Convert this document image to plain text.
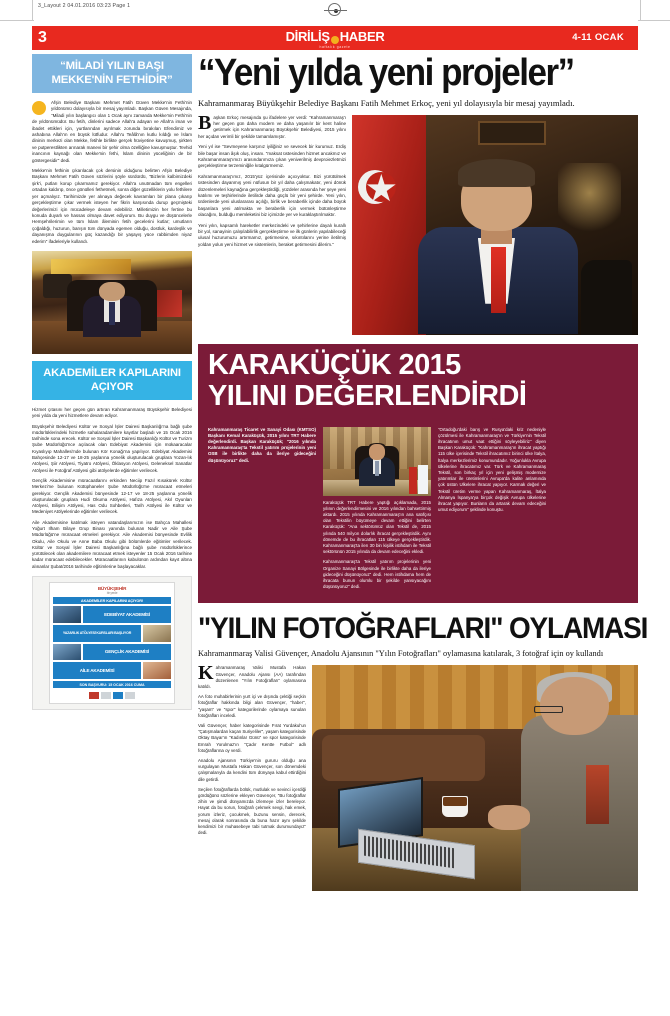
3_Layout 2 04.01.2016 03:23 Page 1
3	DİRİLİŞ HABER
haftalık gazete
4-11 OCAK
“MİLADİ YILIN BAŞI MEKKE'NİN FETHİDİR”

Afşin Belediye Başkanı Mehmet Fatih Güven Mekke'nin Fethi'nin yıldönümü dolayısıyla bir mesaj yayımladı. Başkan Güven Mesajında, "Miladi yılın başlangıcı olan 1 Ocak aynı zamanda Mekke'nin Fethi'nin de yıldönümüdür. Bu fetih, dinlerini sadece Allah'a adayan ve Allah'a iman ve ibadet ettikleri için, yurtlarından ayrılmak zorunda bırakılan Efendimiz ve ashabına Allah'ın en büyük lütfudur. Allah'u Teâlâ'nın kutlu kıldığı ve İslam dininin merkezi olan Mekke, fetihle birlikte gerçek hüviyetine kavuşmuş, şirkten ve putperestlikten arınarak manevi bir şehir olma özelliğine kavuşmuştur. Tevhid inancının kaynağı olan Mekke'nin fethi, İslam dininin yüceliğinin de bir göstergesidir" dedi.

Mekke'nin fethinin çıkarılacak çok dersinin olduğunu belirten Afşin Belediye Başkanı Mehmet Fatih Güven sözlerini şöyle sürdürdü, "Bizlerin kalbimizdeki şirk'i, putları korup çıkarmamız gerekiyor. Allah'a unutmadan tüm engelleri ortadan kaldırıp, önce gönülleri fethetmeli, sonra diğer güzelliklerin yolu fethilere yer açmalıyız. Tarihimizde yer alınaya değecek kavramları bir plana çıkarıp gerçekleştirme çıkar vermek isteyen her fikrin karşısında durup geçmişteki değerlerimizi için mücadeleye devam edebiliriz. Milletimizin her fertine bu konuda duyarlı ve hassas olmaya davet ediyorum. Bu duygu ve düşüncelerle Hemşehrilerimin ve tüm İslam âleminin fetih gecelerini kutlar; umutların çoğaldığı, huzurun, barışın tüm dünyada egemen olduğu, dostluk, kardeşlik ve dayanışma duygularının güç kazandığı bir yaşayış yüce rabbimden niyaz ederim" ifadeleriyle kullandı.

AKADEMİLER KAPILARINI AÇIYOR

Hizmet çıtasını her geçen gün artıran Kahramanmaraş Büyükşehir Belediyesi yeni yılda da yeni hizmetlere devam ediyor.

Büyükşehir Belediyesi Kültür ve Sosyal İşler Dairesi Başkanlığı'na bağlı şube müdürlüklerindeki hizmetle sahalaradamilere kayıtlar başladı ve 15 Ocak 2016 tarihinde sona erecek. Kültür ve Sosyal İşler Dairesi Başkanlığı Kültür ve Turizm Şube Müdürlüğü'nce açılacak olan Edebiyat Akademisi için mükaaracalar Kıyaslıyıp Mahallesi'nde bulunan Kör Konağı'na yapılıyor. Edebiyat Akademisi Bahçesinde 12-17 ve 18-25 yaşlarına yönelik oluşturulacak gruplara Yozan-lık Atölyesi, Şiir Atölyesi, Tiyatro Atölyesi, Öklasyon Atölyesi, Geleneksel Sanatlar Atölyesi ile Fotoğraf Atölyesi gibi atölyelerde eğitimler verilecek.

Gençlik Akademisine müracaatlarını erkinden Neciip Fazıl Kısakürek Kültür Merkezi'ne bulunan Kütüphaneler Şube Müdürlüğü'ne müracaat etmeleri gerekiyor. Gençlik Akademisi bünyesinde 12-17 ve 18-25 yaşlarına yönelik oluşturulacak gruplara Hudi Okuma Atölyesi, Hafıza Atölyesi, Akıl Oyunları Atölyesi, Bilişim Atölyesi, Has Odu Sohbetleri, Tarih Atölyesi ile Kültür ve Medeniyet Atölyelerinde eğitimler verilecek.

Aile Akademisine katılmak isteyen vatandaşlarımızın ise Bahçca Mahallesi Yoğurt Ilham Bilaye Grup Binası yanında bulunan Nadir ve Aile Şube Müdürlüğü'ne müracaat etmeleri gerekiyor. Aile Akademisi bünyesinde Evlilik Okulu, Aile Okulu ve Anne Baba Okulu gibi bölümlerde eğitimler verilecek. Kültür ve Sosyal İşler Dairesi Başkanlığına bağlı şube müdürlüklerince yürütülecek olan akademilere müracaat etmek isteyenler 15 Ocak 2016 tarihine kadar müracaat edebilecekler. Müracaatlarının kabulünün ardından kayıt altına alınanlar Şubat/2016 tarihinde eğitimlerine başlayacaklar.

BÜYÜKŞEHİR
bir yerde
AKADEMİLER KAPILARINI AÇIYOR!
EDEBİYAT AKADEMİSİ
YAZARLIK ATÖLYESİ KURSLARI BAŞLIYOR
GENÇLİK AKADEMİSİ
AİLE AKADEMİSİ
SON BAŞVURU: 15 OCAK 2016 CUMA
“Yeni yılda yeni projeler”

Kahramanmaraş Büyükşehir Belediye Başkanı Fatih Mehmet Erkoç, yeni yıl dolayısıyla bir mesaj yayımladı.

Başkan Erkoç mesajında şu ifadelere yer verdi: "Kahramanmaraş'ı her geçen gün daha modern ve daha yaşanılır bir kent haline getirmek için Kahramanmaraş Büyükşehir Belediyesi, 2015 yılını her açıdan verimli bir şekilde tamamlamıştır.

Yeni yıl ise "Sevmeyene karşınız iyiliğiniz ve sevecek bir kurumuz. Erdiş bile başar insan âşık oluş, insanı. "maksat üstesinden hizmet ancakmız ve Kahramanmaraş'ımızı arasındarımıza çıkan yeniverilmiş devproiezletmizi gerçekleştirme terzeminiğile kıtalgürmemiz.

Kahramanmaraş'ımız, 2015'yüz içerisinde açıcıyoktur. Bizi yürütülmek üstesinden dayanmış yeni nüfusun bir yıl daha çalışmakatır, yeni dönük düzenlemeleri kaynağına gerçekleştirdiği, yüzdeler arasında her şeye yeni katılımı ve teşhirlerinde iletilirde daha güçlü bir yeni şehirde. Yeni yılın, ürdenlerde yeni uluslararası açılığı, birlik ve beraberlik içinde daha büyük başarılara yeni atılmakta ve beraberlik için vermek bütünleştirme olacağını, bulduğu memleketini biz içimizde yer ve kuraklaştırılmaktır.

Yeni yılın, kapsamlı hareketler merkezindeki ve şehirlerine dayalı kurallı bir yol, sanayinin çalışılabilirlik gerçekleştirme ve ilk günlerin yapılabileceği ulusal huzurumuzu artırmamız, getirmesine, sıkıntılarını yerine iletilmiş yoldan yolun yeni hizmet ve sistemlerin, beraket getirmesini dilerim."

KARAKÜÇÜK 2015
YILINI DEĞERLENDİRDİ

Kahramanmaraş Ticaret ve Sanayi Odası (KMTSO) Başkanı Kemal Karaküçük, 2015 yılını TRT Habere değerlendirdi. Başkan Karaküçük; "2016 yılında Kahramanmaraş'ta Tekstil yatırım projelerinin yeni OSB ile birlikte daha da ileriye gideceğini düşünüyoruz" dedi.

Karaküçük TRT Habere yaptığı açıklamada, 2015 yılının değerlendirmesini ve 2016 yılından bahsettirmiş aktardı. 2015 yılında Kahramanmaraş'ın ana satıfçısı olan Tekstilin büyümeye devam ettiğini belirten Karaküçük: "Ana sektörümüz olan Tekstil de, 2015 yılında 540 milyon dolarlık ihracat gerçekleştirdik. Aynı dönemde de bu ihracatları 115 ülkeye gerçekleştirdik. Kahramanmaraş'ta ilen 30 bin kişilik istihdam ile Tekstil sektörünün 2015 yılında da devam edeceğini ekledi.

Kahramanmaraş'ta Tekstil yatırım projelerinin yeni Organize Sanayi Bölgesinde ile birlikte daha da ileriye gideceğini düşünüyoruz" dedi. Hem istihdama hem de ihracata bunun olumlu bir şekilde yansıyacağını düşünüyoruz" dedi.

"Ortadoğu'daki barış ve Rusya'daki kriz nedeniyle çözülmesi ile Kahramanmaraş'ın ve Türkiye'nin Tekstil ihracatının umut vaat ettiğini söyleyebiliriz" diyen Başkan Karaküçük: "Kahramanmaraş'ın ihracat yaptığı 115 ülke içerisinde Tekstil ihracatımız birinci ülke İtalya, İtalya merkezlerimiz konumundadır. Yoğunlukla Avrupa ülkelerine ihracatımız var. Türk ve Kahramanmaraş Tekstil, son birkaç yıl için yeni gelişmiş modernize yatırımlar ile üretimlerini Avrupa'da kalite anlamında çok üstün Ulkelere ihracat yapıyor. Karmak değeri ve Tekstil üretim verme yapan Kahramanmaraş, İtalya Almanya İspanya'ya birçok değişik Avrupa ülkelerine ihracat yapıyor. Bunların da artarak devam edeceğini umut ediyorum" şeklinde konuştu.

"YILIN FOTOĞRAFLARI" OYLAMASI

Kahramanmaraş Valisi Güvençer, Anadolu Ajansının "Yılın Fotoğrafları" oylamasına katılarak, 3 fotoğraf için oy kullandı

Kahramanmaraş Valisi Mustafa Hakan Güvençer, Anadolu Ajansı (AA) tarafından düzenlenen "Yılın Fotoğrafları" oylamasına katıldı.

AA foto muhabirlerinin yurt içi ve dışında çektiği seçkin fotoğraflar hakkında bilgi alan Güvençer, "haber", "yaşam" ve "spor" kategorilerinde oylamaya sunulan fotoğrafları inceledi.

Vali Güvençer, haber kategorisinde Fırat Yurdakul'un "Çatışmalardan kaçan Suriyeliler", yaşam kategorisinde Oktay Bayar'ın "Kadınlar Günü" ve spor kategorisinde Emrah Yorulmaz'ın "Çadır Kentte Futbol" adlı fotoğraflarına oy verdi.

Anadolu Ajansının Türkiye'nin gururu olduğu ana vurgulayan Mustafa Hakan Güvençer, son dönemdeki çalışmalarıyla da kendini tüm dünyaya kabul ettirdiğini dile getirdi.

Seçilen fotoğraflarda bölük, mutlulak ve sevinci içerdiği gördüğünü sözlerine ekleyen Güvençer, "Bu fotoğraflar zihin ve şimdi dünyamızda izlemeye izler bereleyor. Hayat da bu sorun, fotoğrafı çekmek sevgi, hak emek, yorum izleriz, çocukmek, buzunu sensin, derecek, mesaj olarak sonrasında da buna hazır aynı şekilde kendimizi bir muhasebeye tabi tutmak durumundayız" dedi.
